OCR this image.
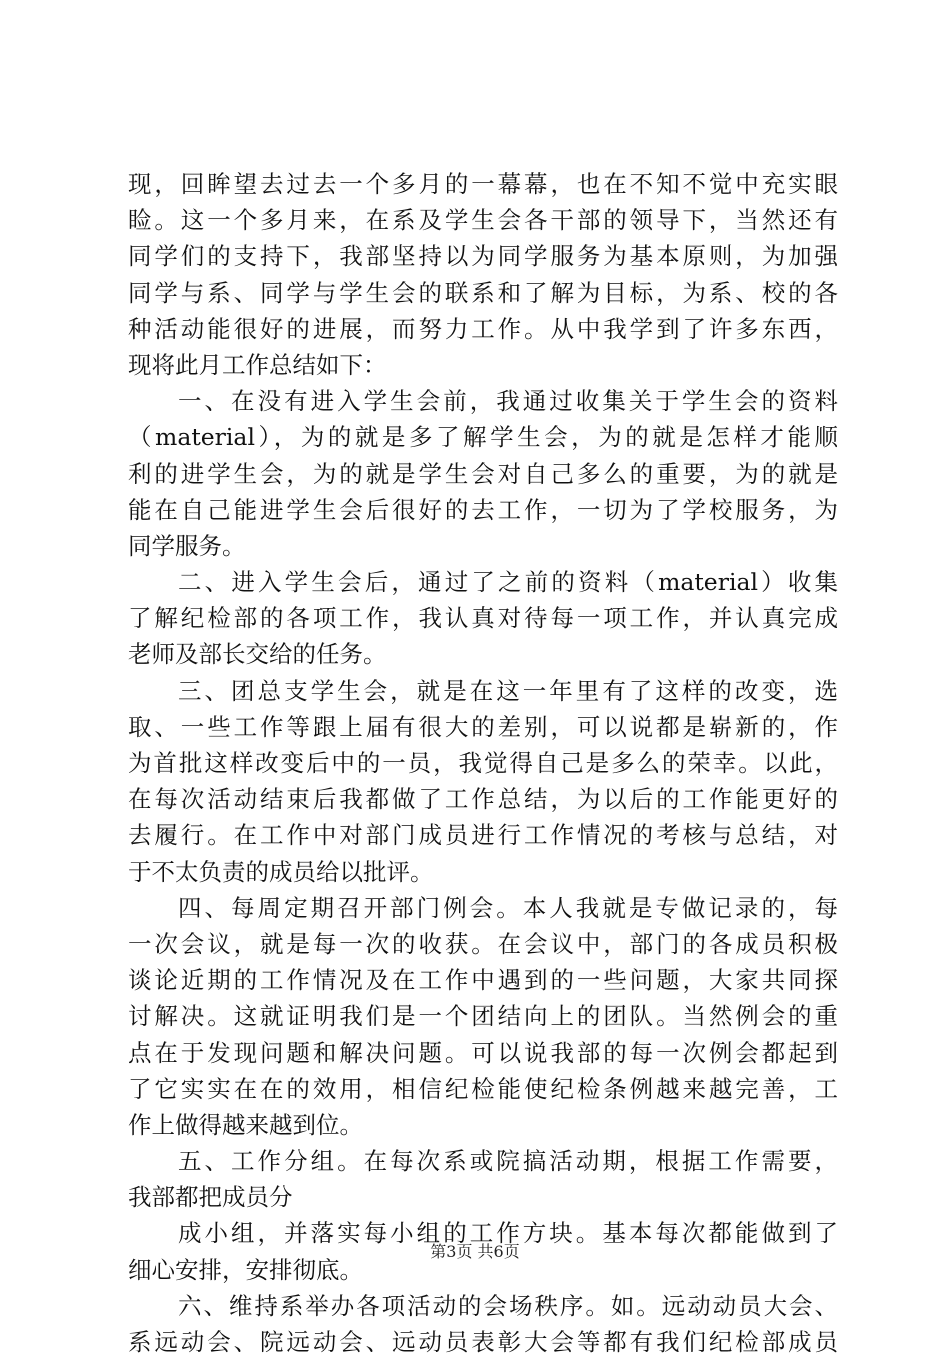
现，回眸望去过去一个多月的一幕幕，也在不知不觉中充实眼
睑。这一个多月来，在系及学生会各干部的领导下，当然还有
同学们的支持下，我部坚持以为同学服务为基本原则，为加强
同学与系、同学与学生会的联系和了解为目标，为系、校的各
种活动能很好的进展，而努力工作。从中我学到了许多东西，
现将此月工作总结如下：
一、在没有进入学生会前，我通过收集关于学生会的资料
（material），为的就是多了解学生会，为的就是怎样才能顺
利的进学生会，为的就是学生会对自己多么的重要，为的就是
能在自己能进学生会后很好的去工作，一切为了学校服务，为
同学服务。
二、进入学生会后，通过了之前的资料（material）收集
了解纪检部的各项工作，我认真对待每一项工作，并认真完成
老师及部长交给的任务。
三、团总支学生会，就是在这一年里有了这样的改变，选
取、一些工作等跟上届有很大的差别，可以说都是崭新的，作
为首批这样改变后中的一员，我觉得自己是多么的荣幸。以此，
在每次活动结束后我都做了工作总结，为以后的工作能更好的
去履行。在工作中对部门成员进行工作情况的考核与总结，对
于不太负责的成员给以批评。
四、每周定期召开部门例会。本人我就是专做记录的，每
一次会议，就是每一次的收获。在会议中，部门的各成员积极
谈论近期的工作情况及在工作中遇到的一些问题，大家共同探
讨解决。这就证明我们是一个团结向上的团队。当然例会的重
点在于发现问题和解决问题。可以说我部的每一次例会都起到
了它实实在在的效用，相信纪检能使纪检条例越来越完善，工
作上做得越来越到位。
五、工作分组。在每次系或院搞活动期，根据工作需要，
我部都把成员分
成小组，并落实每小组的工作方块。基本每次都能做到了
细心安排，安排彻底。
六、维持系举办各项活动的会场秩序。如。远动动员大会、
系远动会、院远动会、远动员表彰大会等都有我们纪检部成员
第3页 共6页
